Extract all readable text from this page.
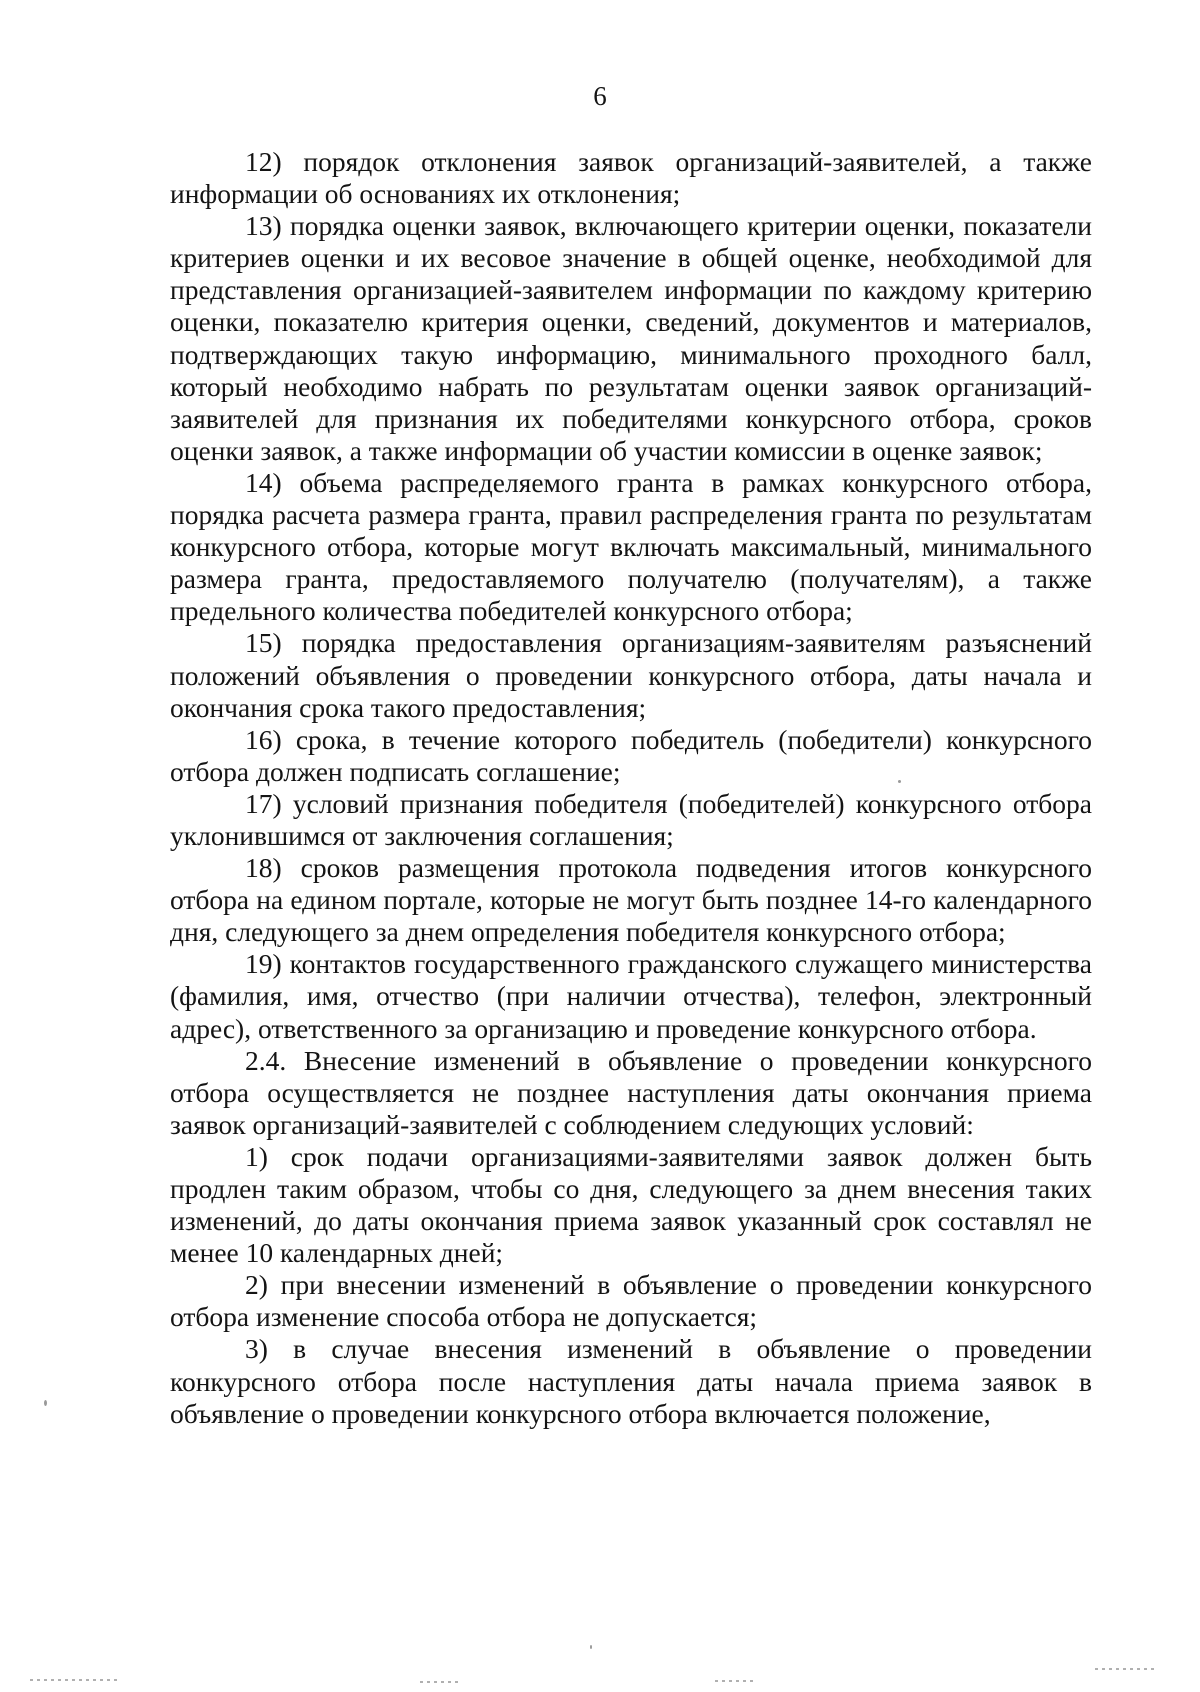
6

12) порядок отклонения заявок организаций-заявителей, а также информации об основаниях их отклонения;

13) порядка оценки заявок, включающего критерии оценки, показатели критериев оценки и их весовое значение в общей оценке, необходимой для представления организацией-заявителем информации по каждому критерию оценки, показателю критерия оценки, сведений, документов и материалов, подтверждающих такую информацию, минимального проходного балл, который необходимо набрать по результатам оценки заявок организаций-заявителей для признания их победителями конкурсного отбора, сроков оценки заявок, а также информации об участии комиссии в оценке заявок;

14) объема распределяемого гранта в рамках конкурсного отбора, порядка расчета размера гранта, правил распределения гранта по результатам конкурсного отбора, которые могут включать максимальный, минимального размера гранта, предоставляемого получателю (получателям), а также предельного количества победителей конкурсного отбора;

15) порядка предоставления организациям-заявителям разъяснений положений объявления о проведении конкурсного отбора, даты начала и окончания срока такого предоставления;

16) срока, в течение которого победитель (победители) конкурсного отбора должен подписать соглашение;

17) условий признания победителя (победителей) конкурсного отбора уклонившимся от заключения соглашения;

18) сроков размещения протокола подведения итогов конкурсного отбора на едином портале, которые не могут быть позднее 14-го календарного дня, следующего за днем определения победителя конкурсного отбора;

19) контактов государственного гражданского служащего министерства (фамилия, имя, отчество (при наличии отчества), телефон, электронный адрес), ответственного за организацию и проведение конкурсного отбора.

2.4. Внесение изменений в объявление о проведении конкурсного отбора осуществляется не позднее наступления даты окончания приема заявок организаций-заявителей с соблюдением следующих условий:

1) срок подачи организациями-заявителями заявок должен быть продлен таким образом, чтобы со дня, следующего за днем внесения таких изменений, до даты окончания приема заявок указанный срок составлял не менее 10 календарных дней;

2) при внесении изменений в объявление о проведении конкурсного отбора изменение способа отбора не допускается;

3) в случае внесения изменений в объявление о проведении конкурсного отбора после наступления даты начала приема заявок в объявление о проведении конкурсного отбора включается положение,
